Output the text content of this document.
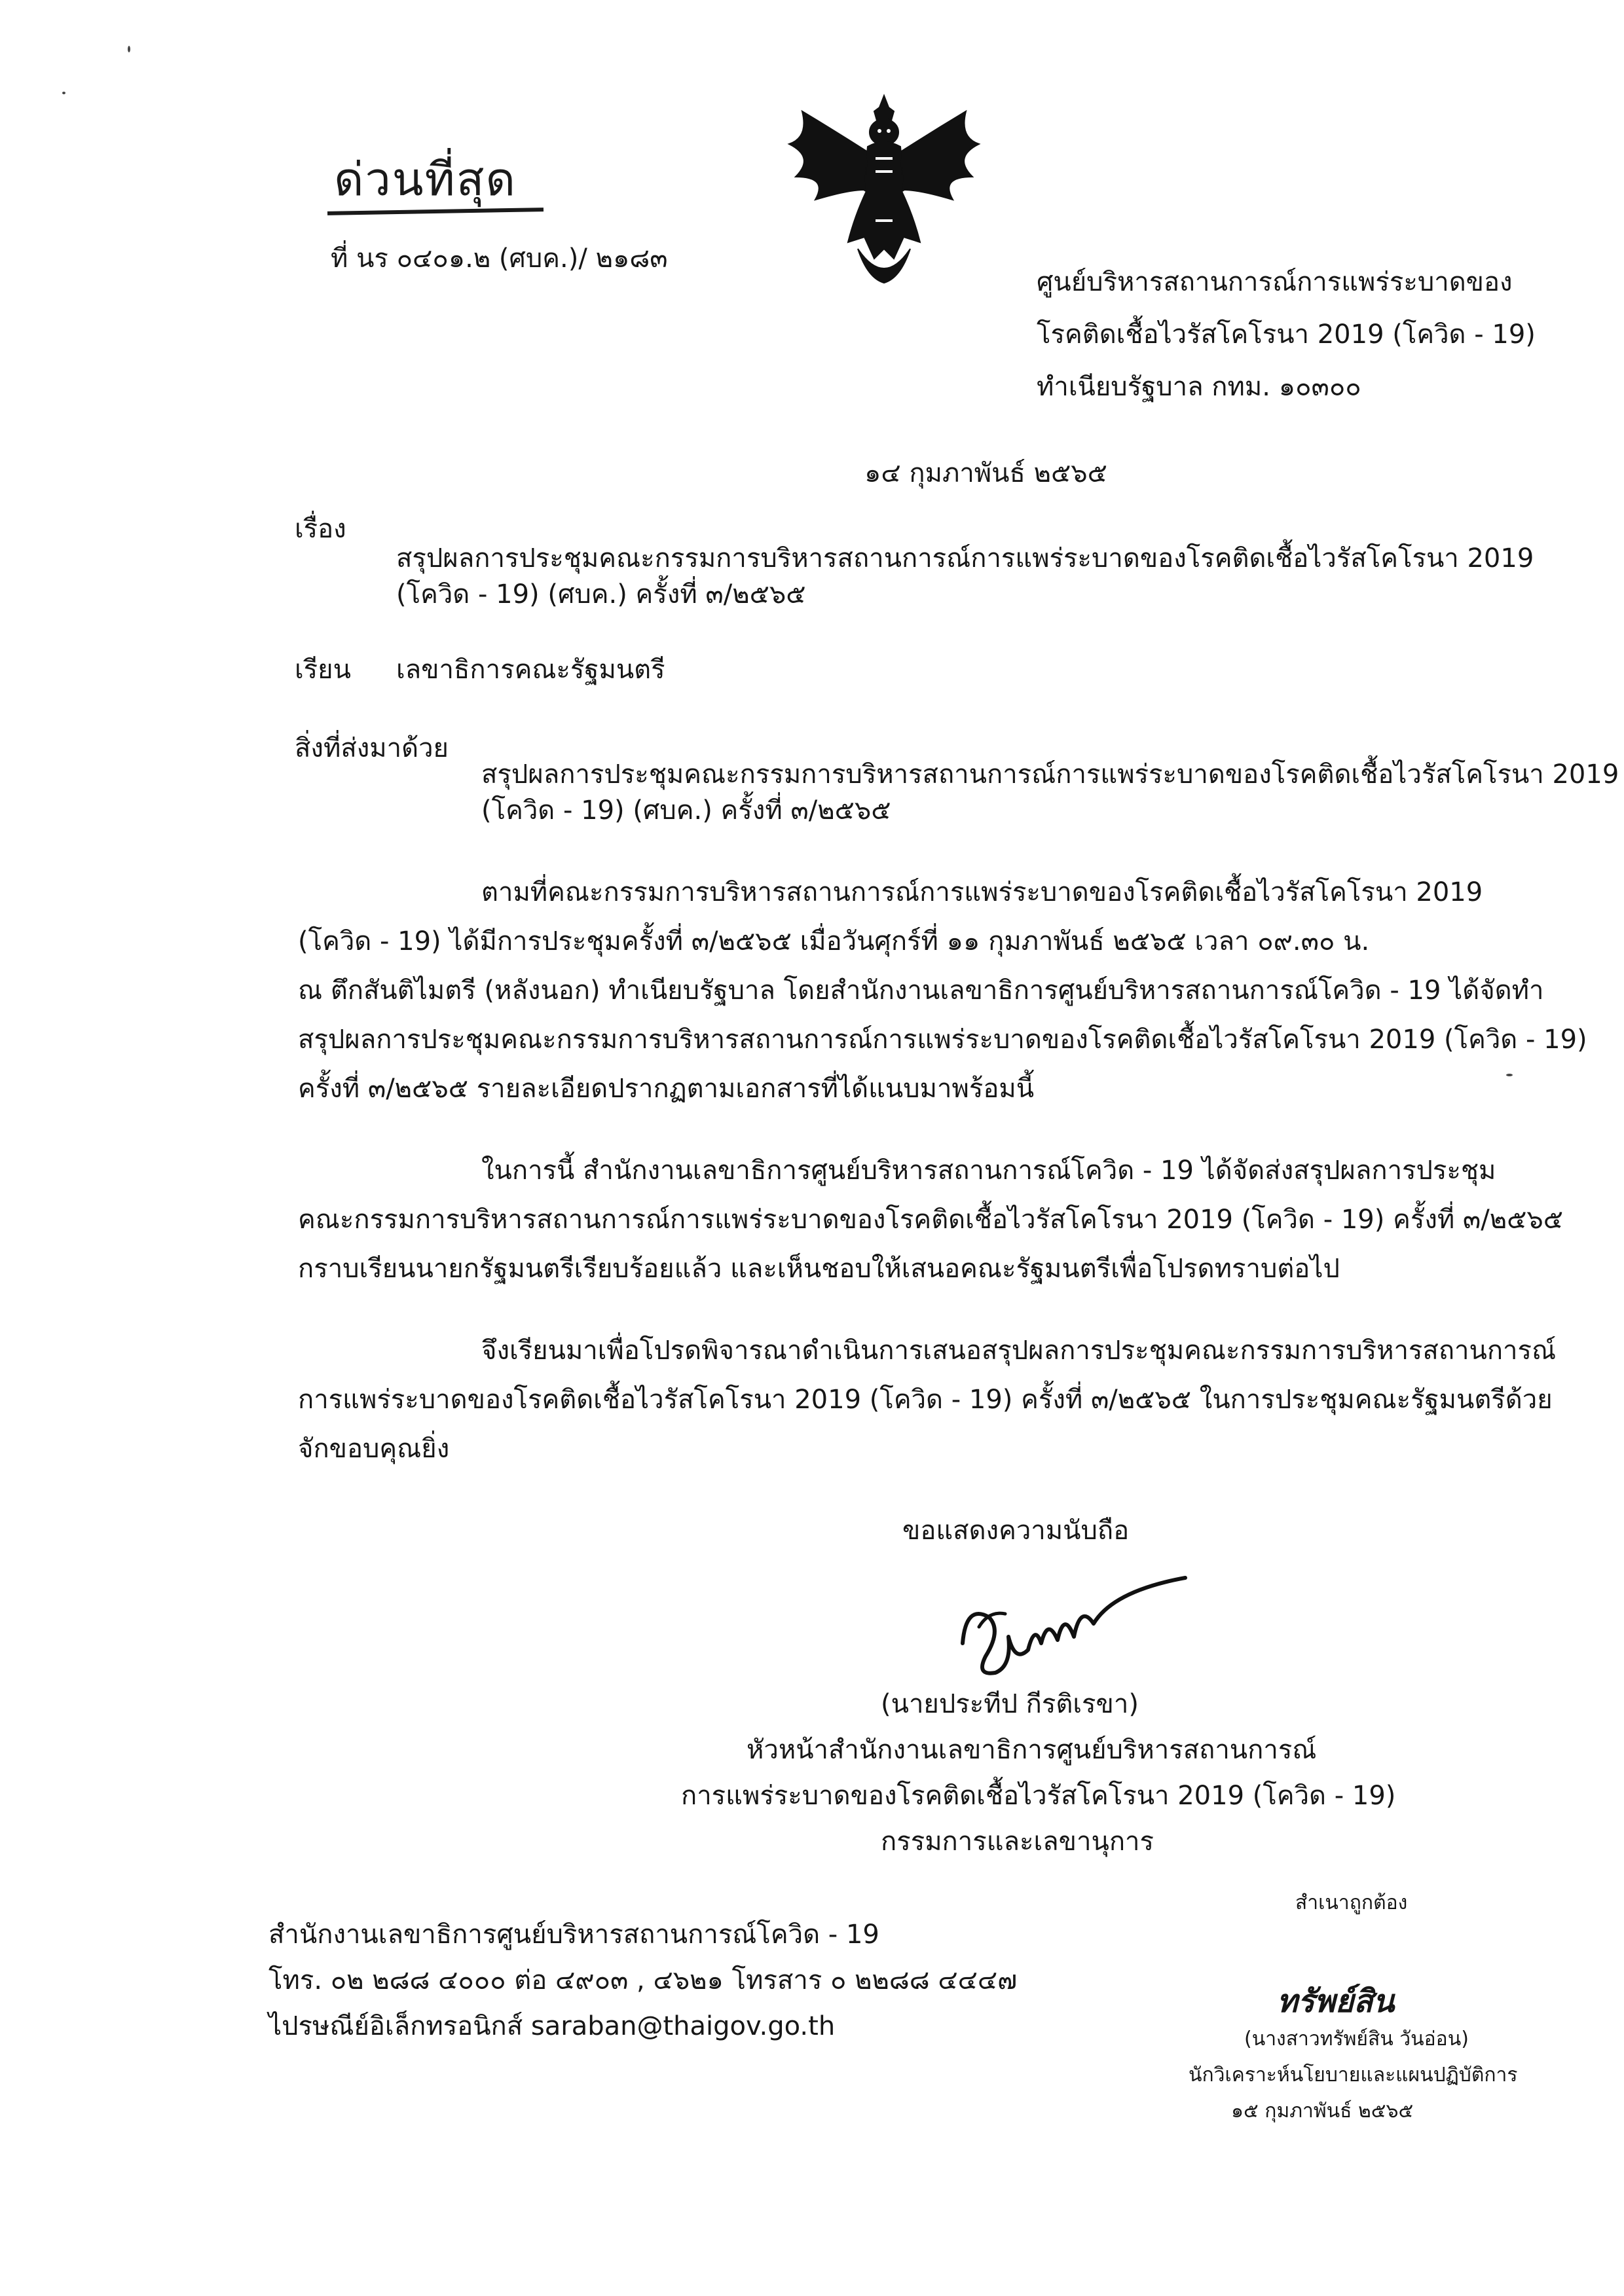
ด่วนที่สุด
ที่ นร ๐๔๐๑.๒ (ศบค.)/ ๒๑๘๓
ศูนย์บริหารสถานการณ์การแพร่ระบาดของ
โรคติดเชื้อไวรัสโคโรนา 2019 (โควิด - 19)
ทำเนียบรัฐบาล กทม. ๑๐๓๐๐
๑๔ กุมภาพันธ์ ๒๕๖๕
เรื่อง
สรุปผลการประชุมคณะกรรมการบริหารสถานการณ์การแพร่ระบาดของโรคติดเชื้อไวรัสโคโรนา 2019
(โควิด - 19) (ศบค.) ครั้งที่ ๓/๒๕๖๕
เรียน เลขาธิการคณะรัฐมนตรี
สิ่งที่ส่งมาด้วย
สรุปผลการประชุมคณะกรรมการบริหารสถานการณ์การแพร่ระบาดของโรคติดเชื้อไวรัสโคโรนา 2019
(โควิด - 19) (ศบค.) ครั้งที่ ๓/๒๕๖๕
ตามที่คณะกรรมการบริหารสถานการณ์การแพร่ระบาดของโรคติดเชื้อไวรัสโคโรนา 2019
(โควิด - 19) ได้มีการประชุมครั้งที่ ๓/๒๕๖๕ เมื่อวันศุกร์ที่ ๑๑ กุมภาพันธ์ ๒๕๖๕ เวลา ๐๙.๓๐ น.
ณ ตึกสันติไมตรี (หลังนอก) ทำเนียบรัฐบาล โดยสำนักงานเลขาธิการศูนย์บริหารสถานการณ์โควิด - 19 ได้จัดทำ
สรุปผลการประชุมคณะกรรมการบริหารสถานการณ์การแพร่ระบาดของโรคติดเชื้อไวรัสโคโรนา 2019 (โควิด - 19)
ครั้งที่ ๓/๒๕๖๕ รายละเอียดปรากฏตามเอกสารที่ได้แนบมาพร้อมนี้
ในการนี้ สำนักงานเลขาธิการศูนย์บริหารสถานการณ์โควิด - 19 ได้จัดส่งสรุปผลการประชุม
คณะกรรมการบริหารสถานการณ์การแพร่ระบาดของโรคติดเชื้อไวรัสโคโรนา 2019 (โควิด - 19) ครั้งที่ ๓/๒๕๖๕
กราบเรียนนายกรัฐมนตรีเรียบร้อยแล้ว และเห็นชอบให้เสนอคณะรัฐมนตรีเพื่อโปรดทราบต่อไป
จึงเรียนมาเพื่อโปรดพิจารณาดำเนินการเสนอสรุปผลการประชุมคณะกรรมการบริหารสถานการณ์
การแพร่ระบาดของโรคติดเชื้อไวรัสโคโรนา 2019 (โควิด - 19) ครั้งที่ ๓/๒๕๖๕ ในการประชุมคณะรัฐมนตรีด้วย
จักขอบคุณยิ่ง
ขอแสดงความนับถือ
(นายประทีป กีรติเรขา)
หัวหน้าสำนักงานเลขาธิการศูนย์บริหารสถานการณ์
การแพร่ระบาดของโรคติดเชื้อไวรัสโคโรนา 2019 (โควิด - 19)
กรรมการและเลขานุการ
สำนักงานเลขาธิการศูนย์บริหารสถานการณ์โควิด - 19
โทร. ๐๒ ๒๘๘ ๔๐๐๐ ต่อ ๔๙๐๓ , ๔๖๒๑ โทรสาร ๐ ๒๒๘๘ ๔๔๔๗
ไปรษณีย์อิเล็กทรอนิกส์ saraban@thaigov.go.th
สำเนาถูกต้อง
ทรัพย์สิน
(นางสาวทรัพย์สิน วันอ่อน)
นักวิเคราะห์นโยบายและแผนปฏิบัติการ
๑๕ กุมภาพันธ์ ๒๕๖๕
